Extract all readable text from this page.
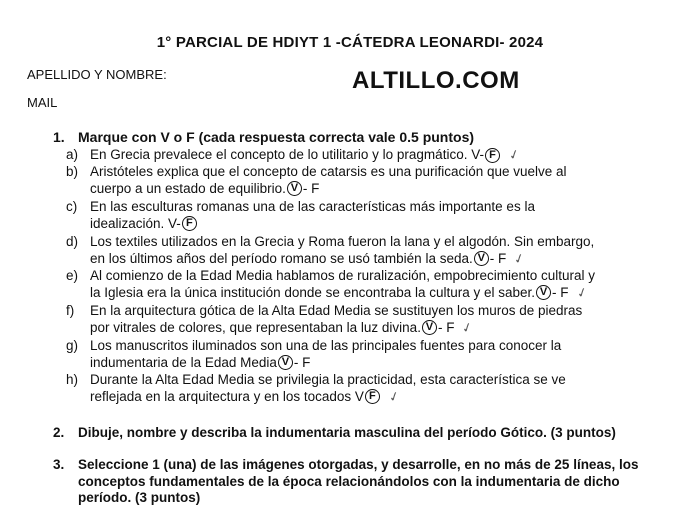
1° PARCIAL DE HDIYT 1 -CÁTEDRA LEONARDI- 2024
APELLIDO Y NOMBRE:	ALTILLO.COM
MAIL
1. Marque con V o F (cada respuesta correcta vale 0.5 puntos)
a) En Grecia prevalece el concepto de lo utilitario y lo pragmático. V- F ✓
b) Aristóteles explica que el concepto de catarsis es una purificación que vuelve al
cuerpo a un estado de equilibrio. V - F
c) En las esculturas romanas una de las características más importante es la
idealización. V- F
d) Los textiles utilizados en la Grecia y Roma fueron la lana y el algodón. Sin embargo,
en los últimos años del período romano se usó también la seda. V - F ✓
e) Al comienzo de la Edad Media hablamos de ruralización, empobrecimiento cultural y
la Iglesia era la única institución donde se encontraba la cultura y el saber. V - F ✓
f) En la arquitectura gótica de la Alta Edad Media se sustituyen los muros de piedras
por vitrales de colores, que representaban la luz divina. V - F ✓
g) Los manuscritos iluminados son una de las principales fuentes para conocer la
indumentaria de la Edad Media V - F
h) Durante la Alta Edad Media se privilegia la practicidad, esta característica se ve
reflejada en la arquitectura y en los tocados V F ✓
2. Dibuje, nombre y describa la indumentaria masculina del período Gótico. (3 puntos)
3. Seleccione 1 (una) de las imágenes otorgadas, y desarrolle, en no más de 25 líneas, los
conceptos fundamentales de la época relacionándolos con la indumentaria de dicho
período. (3 puntos)
